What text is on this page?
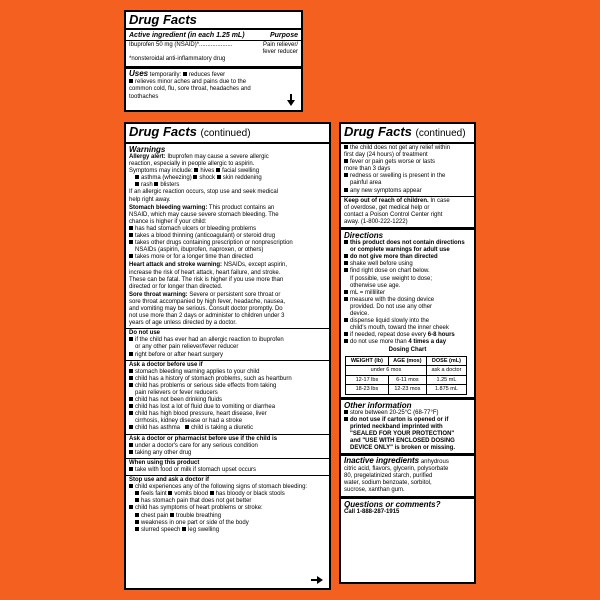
Drug Facts
Active ingredient (in each 1.25 mL)	Purpose
Ibuprofen 50 mg (NSAID)*....................	Pain reliever/
fever reducer
*nonsteroidal anti-inflammatory drug
Uses temporarily: reduces fever
relieves minor aches and pains due to the
common cold, flu, sore throat, headaches and
toothaches
Drug Facts (continued)
Warnings
Allergy alert: Ibuprofen may cause a severe allergic
reaction, especially in people allergic to aspirin.
Symptoms may include: hives facial swelling
asthma (wheezing) shock skin reddening
rash blisters
If an allergic reaction occurs, stop use and seek medical
help right away.
Stomach bleeding warning: This product contains an
NSAID, which may cause severe stomach bleeding. The
chance is higher if your child:
has had stomach ulcers or bleeding problems
takes a blood thinning (anticoagulant) or steroid drug
takes other drugs containing prescription or nonprescription
NSAIDs (aspirin, ibuprofen, naproxen, or others)
takes more or for a longer time than directed
Heart attack and stroke warning: NSAIDs, except aspirin,
increase the risk of heart attack, heart failure, and stroke.
These can be fatal. The risk is higher if you use more than
directed or for longer than directed.
Sore throat warning: Severe or persistent sore throat or
sore throat accompanied by high fever, headache, nausea,
and vomiting may be serious. Consult doctor promptly. Do
not use more than 2 days or administer to children under 3
years of age unless directed by a doctor.
Do not use
if the child has ever had an allergic reaction to ibuprofen
or any other pain reliever/fever reducer
right before or after heart surgery
Ask a doctor before use if
stomach bleeding warning applies to your child
child has a history of stomach problems, such as heartburn
child has problems or serious side effects from taking
pain relievers or fever reducers
child has not been drinking fluids
child has lost a lot of fluid due to vomiting or diarrhea
child has high blood pressure, heart disease, liver
cirrhosis, kidney disease or had a stroke
child has asthma child is taking a diuretic
Ask a doctor or pharmacist before use if the child is
under a doctor's care for any serious condition
taking any other drug
When using this product
take with food or milk if stomach upset occurs
Stop use and ask a doctor if
child experiences any of the following signs of stomach bleeding:
feels faint vomits blood has bloody or black stools
has stomach pain that does not get better
child has symptoms of heart problems or stroke:
chest pain trouble breathing
weakness in one part or side of the body
slurred speech leg swelling
Drug Facts (continued)
the child does not get any relief within
first day (24 hours) of treatment
fever or pain gets worse or lasts
more than 3 days
redness or swelling is present in the
painful area
any new symptoms appear
Keep out of reach of children. In case
of overdose, get medical help or
contact a Poison Control Center right
away. (1-800-222-1222)
Directions
this product does not contain directions
or complete warnings for adult use
do not give more than directed
shake well before using
find right dose on chart below.
If possible, use weight to dose;
otherwise use age.
mL = milliliter
measure with the dosing device
provided. Do not use any other
device.
dispense liquid slowly into the
child's mouth, toward the inner cheek
if needed, repeat dose every 6-8 hours
do not use more than 4 times a day
Dosing Chart
WEIGHT (lb)	AGE (mos)	DOSE (mL)
under 6 mos		ask a doctor
12-17 lbs	6-11 mos	1.25 mL
18-23 lbs	12-23 mos	1.875 mL
Other information
store between 20-25°C (68-77°F)
do not use if carton is opened or if
printed neckband imprinted with
"SEALED FOR YOUR PROTECTION"
and "USE WITH ENCLOSED DOSING
DEVICE ONLY" is broken or missing.
Inactive ingredients anhydrous
citric acid, flavors, glycerin, polysorbate
80, pregelatinized starch, purified
water, sodium benzoate, sorbitol,
sucrose, xanthan gum.
Questions or comments?
Call 1-888-287-1915
